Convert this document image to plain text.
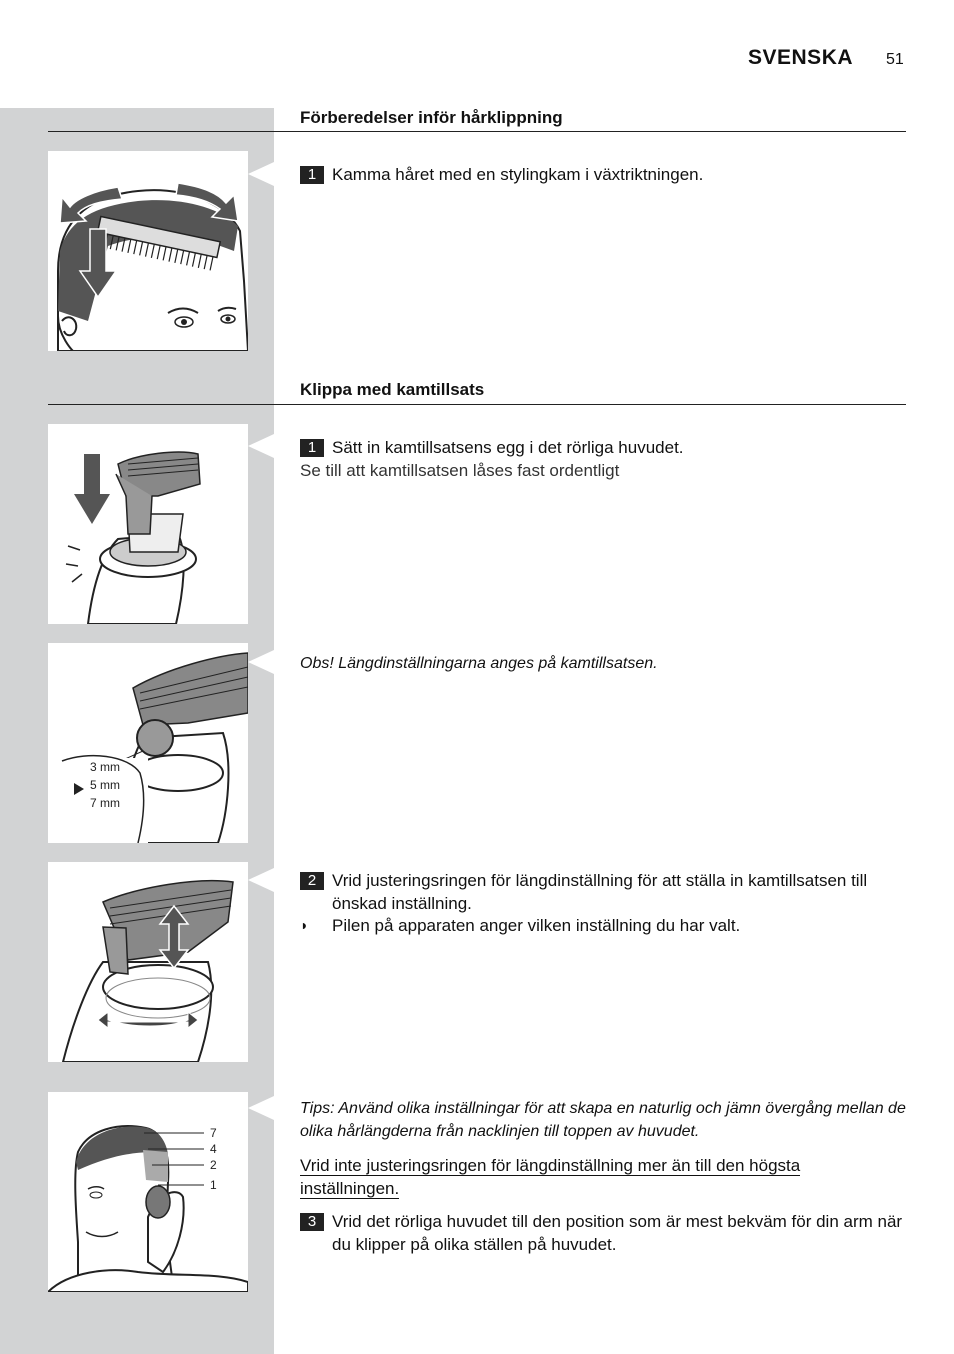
SVENSKA 51
Förberedelser inför hårklippning
1 Kamma håret med en stylingkam i växtriktningen.
Klippa med kamtillsats
1 Sätt in kamtillsatsens egg i det rörliga huvudet.
Se till att kamtillsatsen låses fast ordentligt
3 mm
5 mm
7 mm
Obs! Längdinställningarna anges på kamtillsatsen.
2 Vrid justeringsringen för längdinställning för att ställa in kamtillsatsen till önskad inställning.
◗ Pilen på apparaten anger vilken inställning du har valt.
7
4
2
1
Tips: Använd olika inställningar för att skapa en naturlig och jämn övergång mellan de olika hårlängderna från nacklinjen till toppen av huvudet.
Vrid inte justeringsringen för längdinställning mer än till den högsta inställningen.
3 Vrid det rörliga huvudet till den position som är mest bekväm för din arm när du klipper på olika ställen på huvudet.
